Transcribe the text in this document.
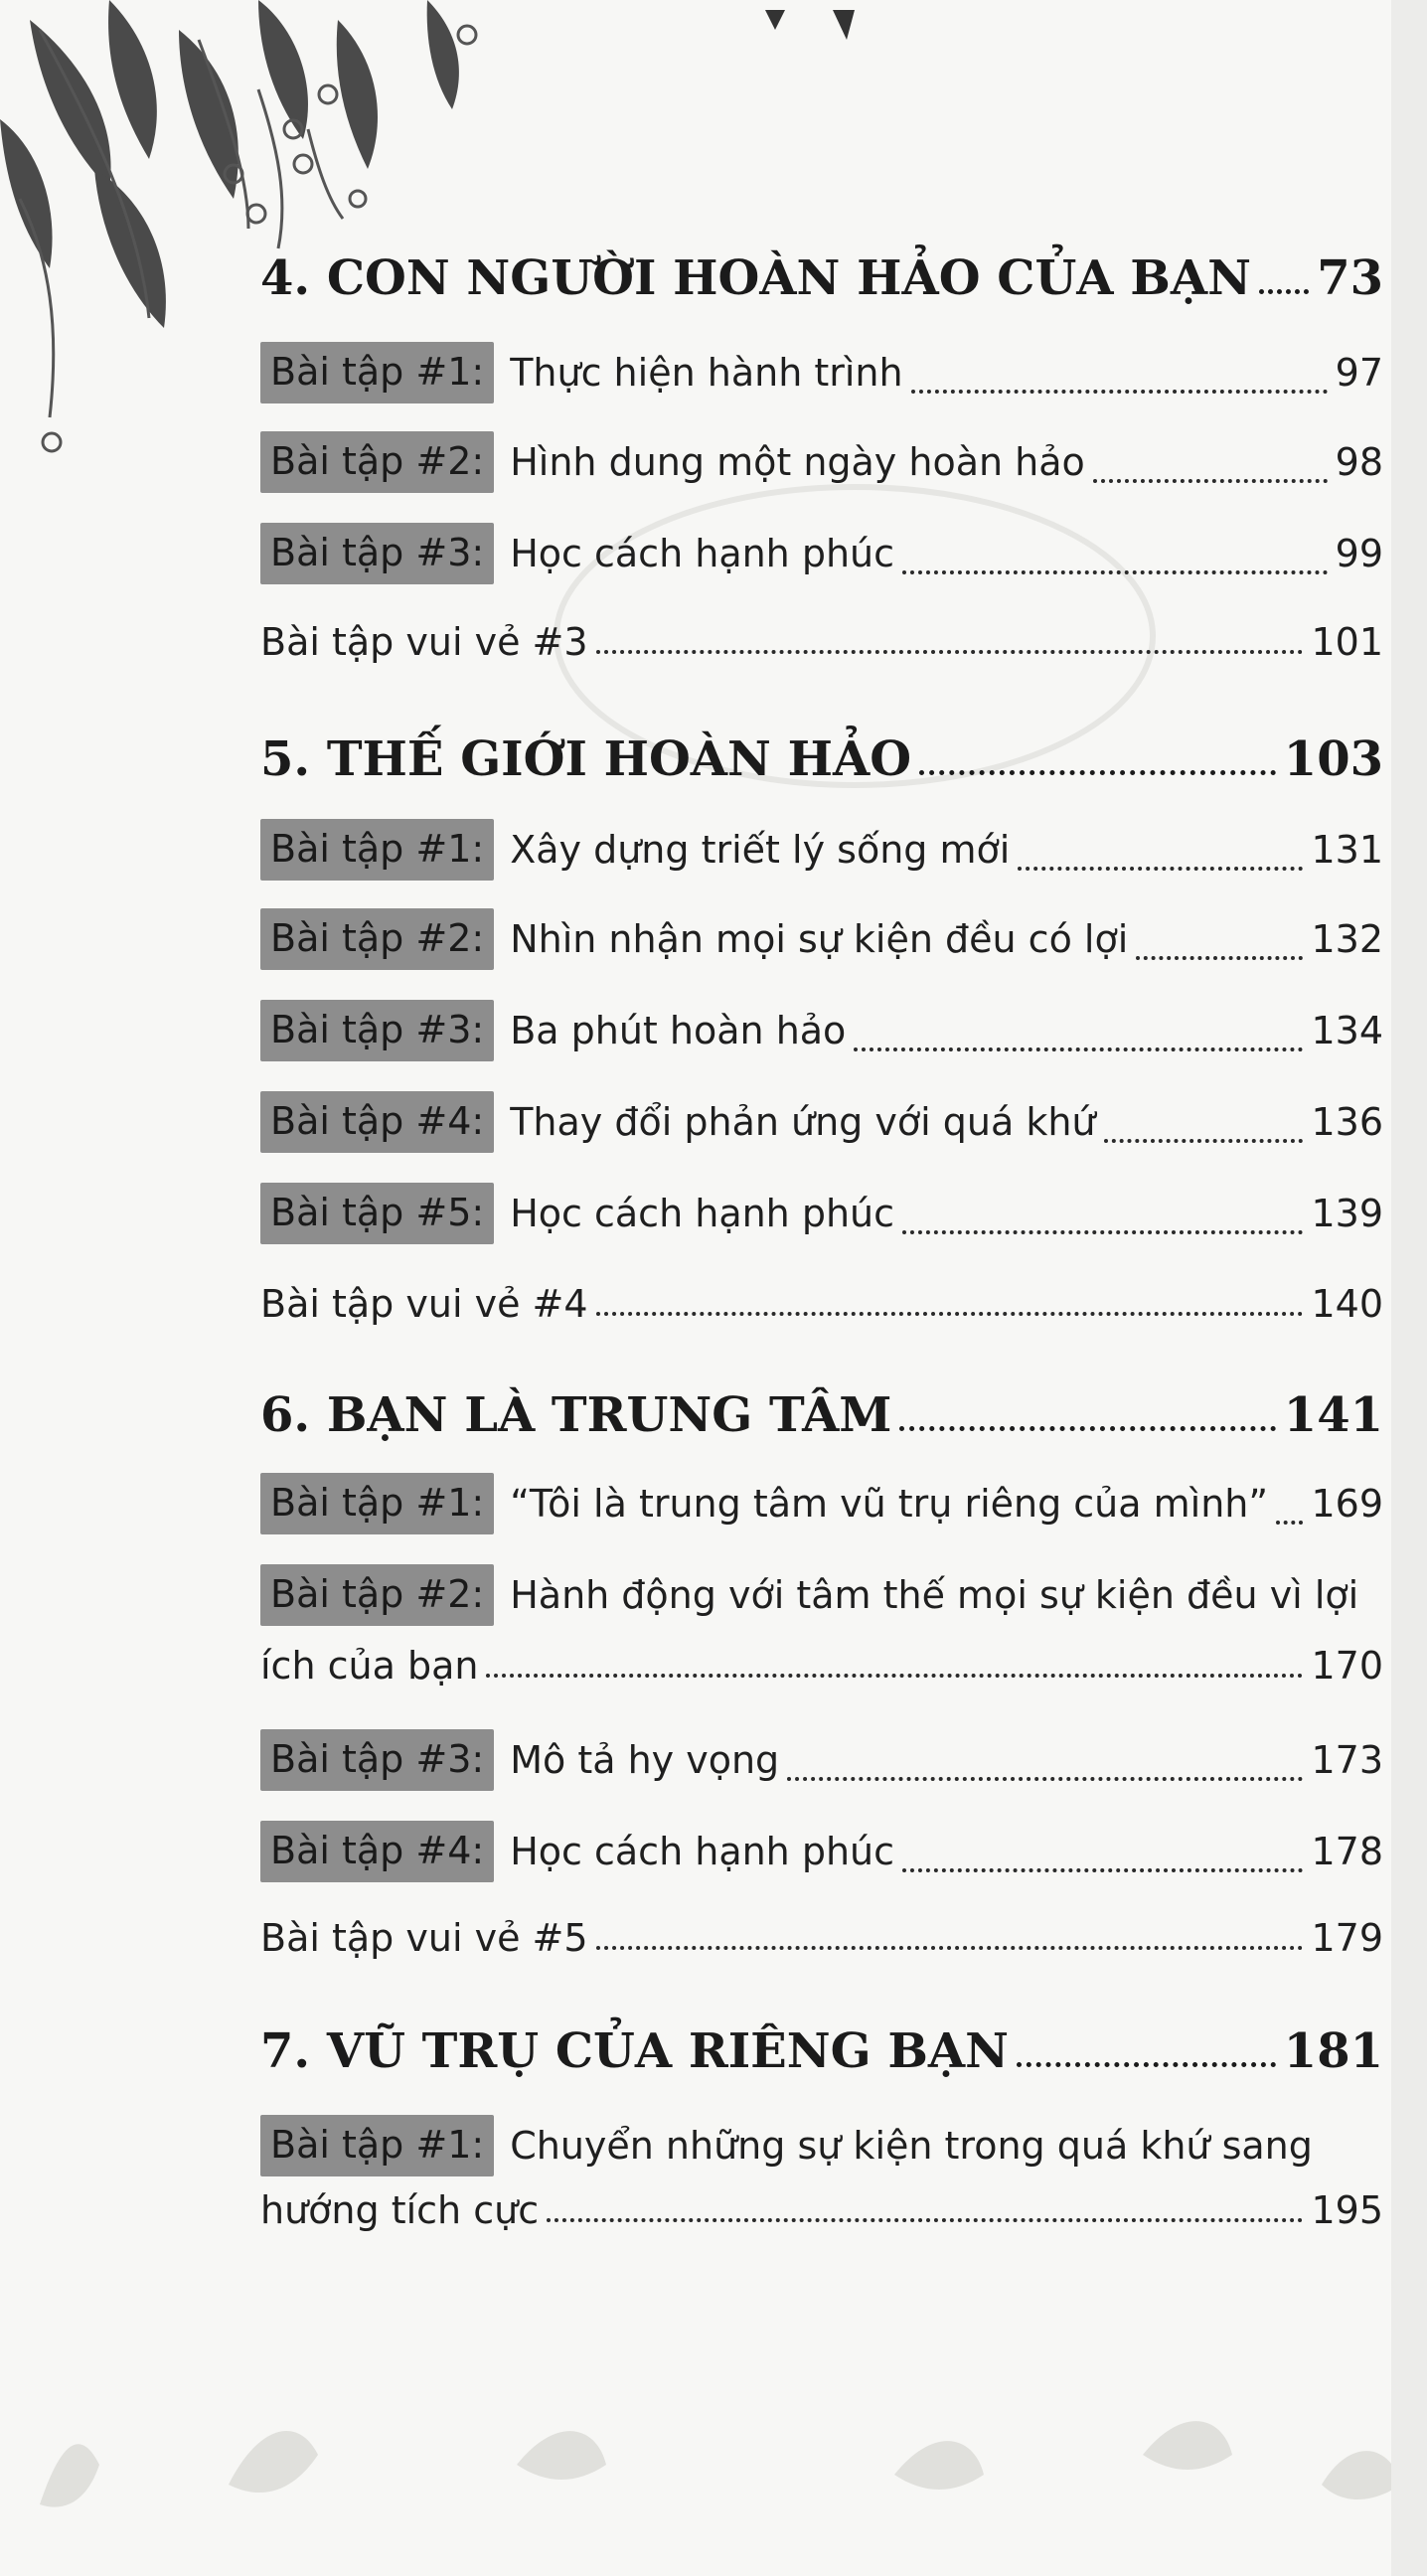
4. CON NGƯỜI HOÀN HẢO CỦA BẠN 73
Bài tập #1: Thực hiện hành trình	97
Bài tập #2: Hình dung một ngày hoàn hảo	98
Bài tập #3: Học cách hạnh phúc	99
Bài tập vui vẻ #3	101
5. THẾ GIỚI HOÀN HẢO	103
Bài tập #1: Xây dựng triết lý sống mới	131
Bài tập #2: Nhìn nhận mọi sự kiện đều có lợi	132
Bài tập #3: Ba phút hoàn hảo	134
Bài tập #4: Thay đổi phản ứng với quá khứ	136
Bài tập #5: Học cách hạnh phúc	139
Bài tập vui vẻ #4	140
6. BẠN LÀ TRUNG TÂM	141
Bài tập #1: “Tôi là trung tâm vũ trụ riêng của mình” 169
Bài tập #2: Hành động với tâm thế mọi sự kiện đều vì lợi
ích của bạn	170
Bài tập #3: Mô tả hy vọng	173
Bài tập #4: Học cách hạnh phúc	178
Bài tập vui vẻ #5	179
7. VŨ TRỤ CỦA RIÊNG BẠN	181
Bài tập #1: Chuyển những sự kiện trong quá khứ sang
hướng tích cực	195
